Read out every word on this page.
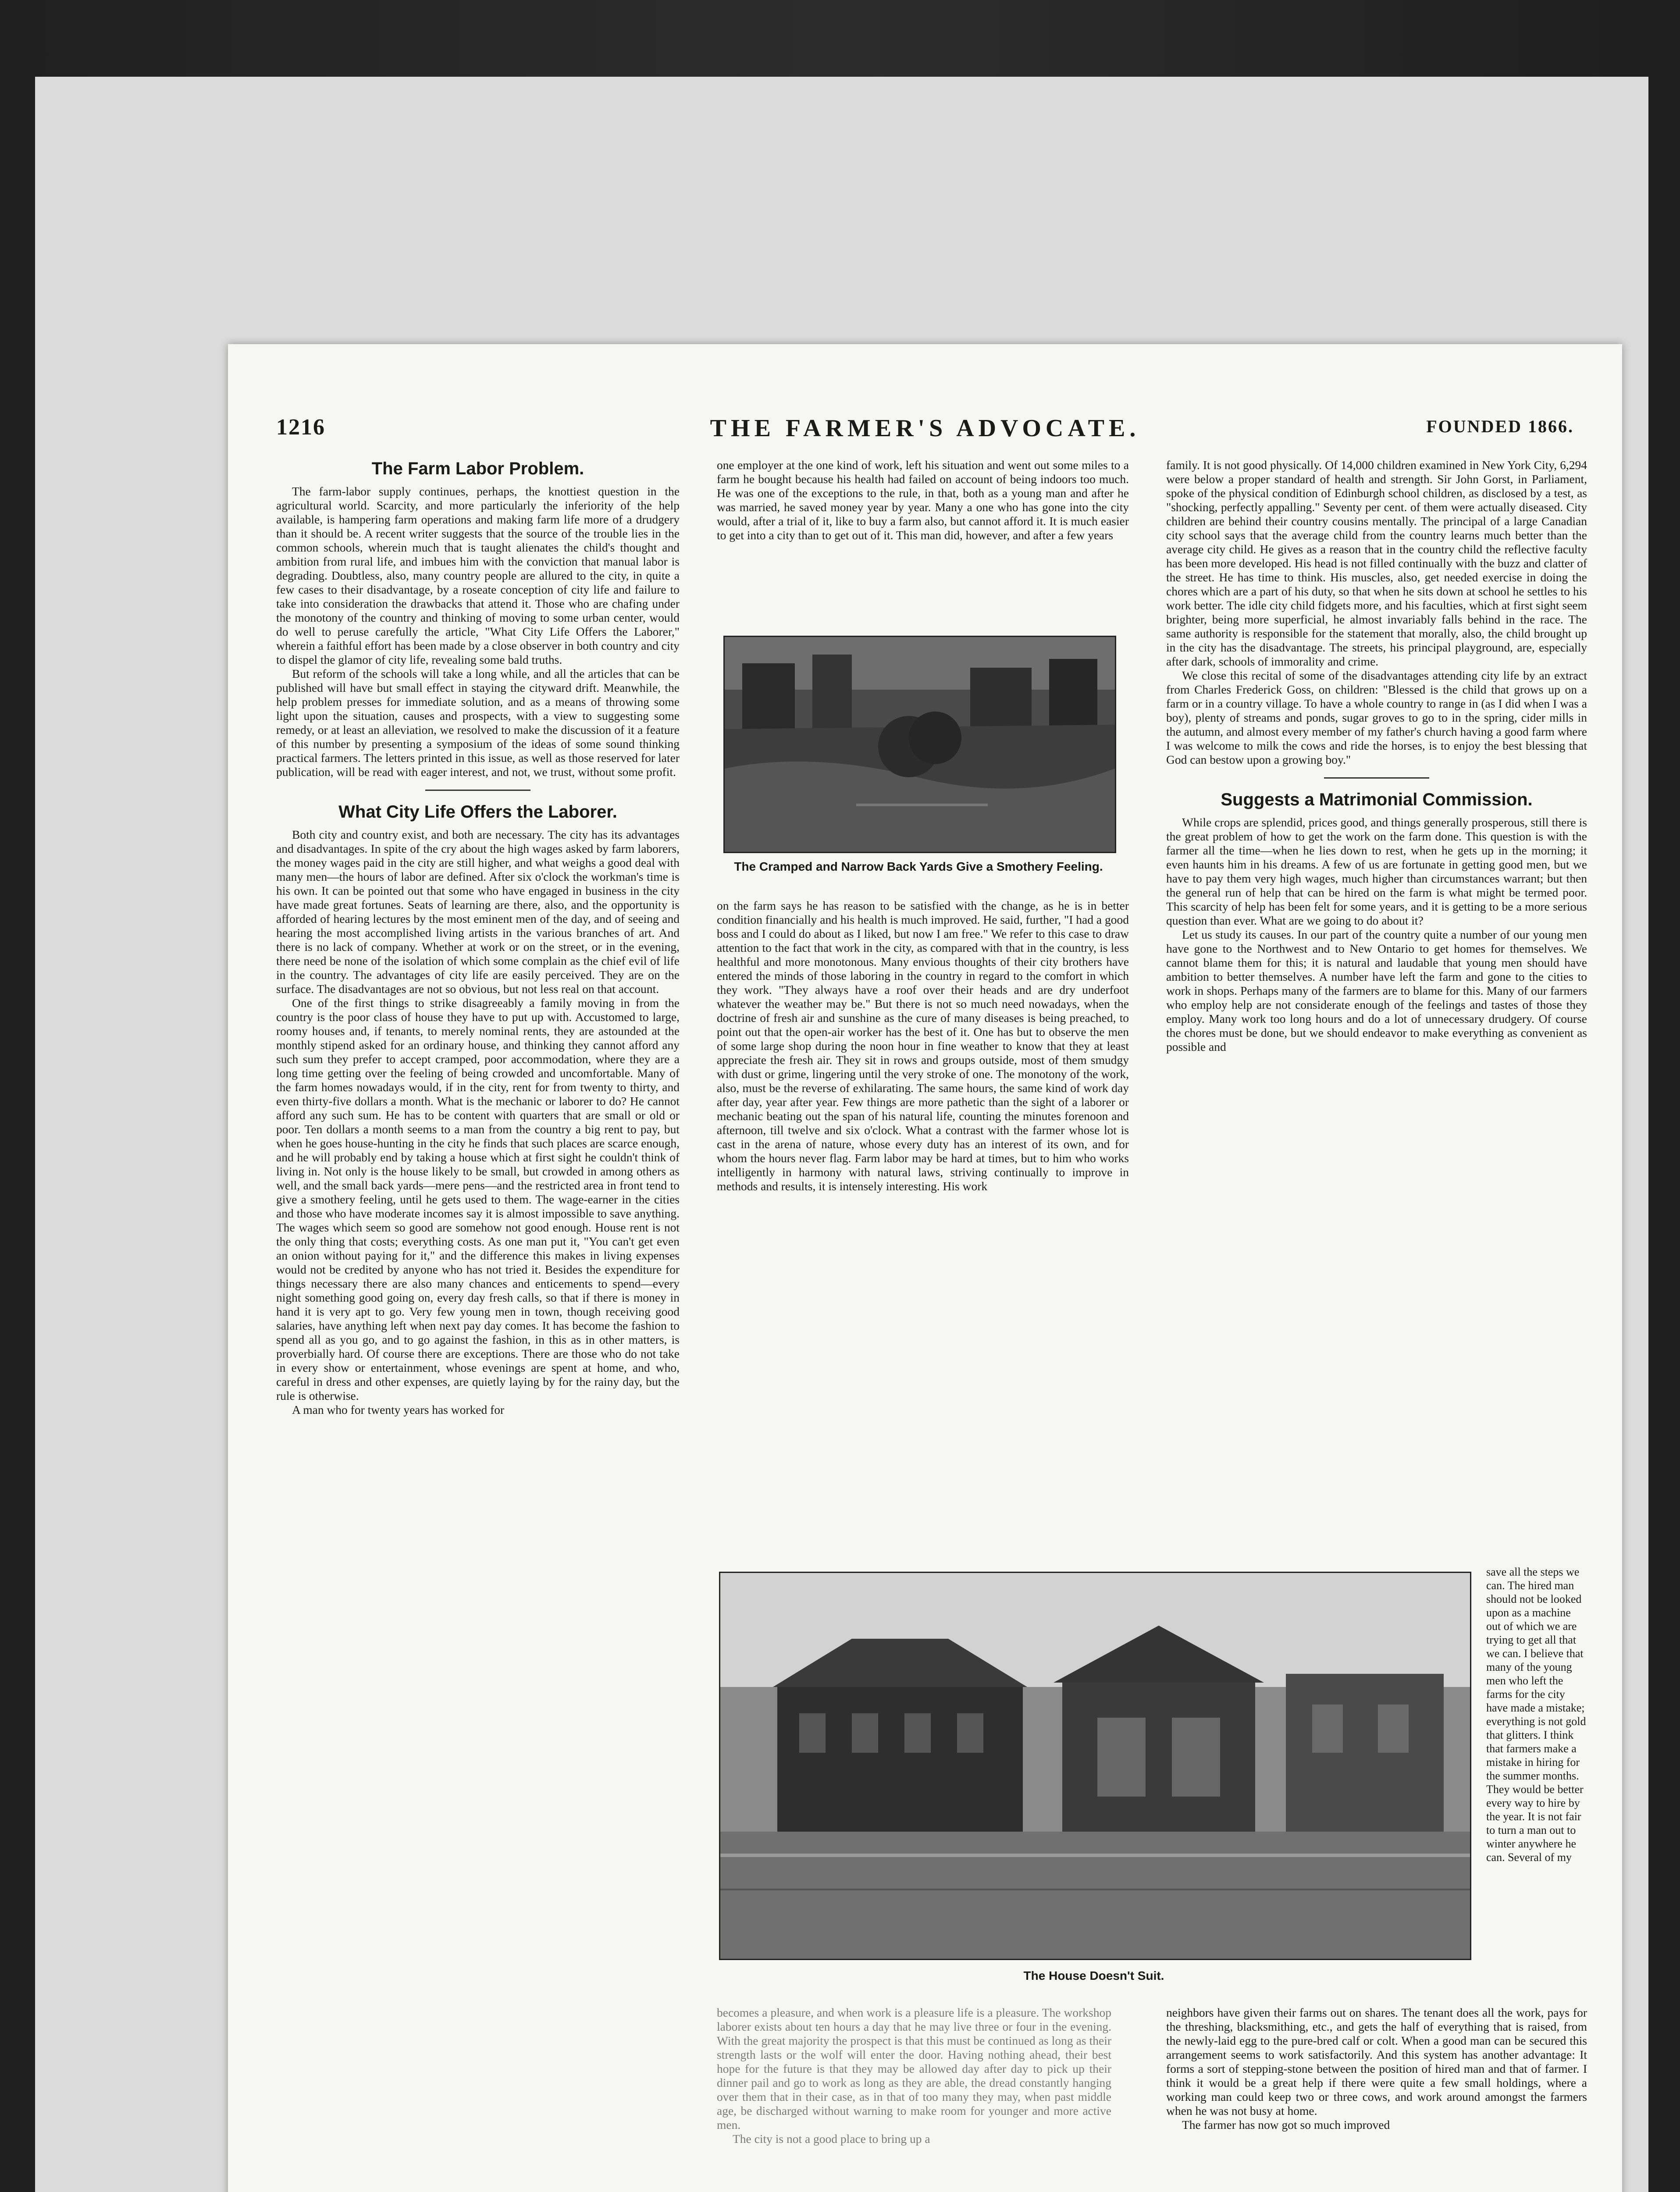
1216	THE FARMER'S ADVOCATE.	FOUNDED 1866.
The Farm Labor Problem.

The farm-labor supply continues, perhaps, the knottiest question in the agricultural world. Scarcity, and more particularly the inferiority of the help available, is hampering farm operations and making farm life more of a drudgery than it should be. A recent writer suggests that the source of the trouble lies in the common schools, wherein much that is taught alienates the child's thought and ambition from rural life, and imbues him with the conviction that manual labor is degrading. Doubtless, also, many country people are allured to the city, in quite a few cases to their disadvantage, by a roseate conception of city life and failure to take into consideration the drawbacks that attend it. Those who are chafing under the monotony of the country and thinking of moving to some urban center, would do well to peruse carefully the article, "What City Life Offers the Laborer," wherein a faithful effort has been made by a close observer in both country and city to dispel the glamor of city life, revealing some bald truths.

But reform of the schools will take a long while, and all the articles that can be published will have but small effect in staying the cityward drift. Meanwhile, the help problem presses for immediate solution, and as a means of throwing some light upon the situation, causes and prospects, with a view to suggesting some remedy, or at least an alleviation, we resolved to make the discussion of it a feature of this number by presenting a symposium of the ideas of some sound thinking practical farmers. The letters printed in this issue, as well as those reserved for later publication, will be read with eager interest, and not, we trust, without some profit.

What City Life Offers the Laborer.

Both city and country exist, and both are necessary. The city has its advantages and disadvantages. In spite of the cry about the high wages asked by farm laborers, the money wages paid in the city are still higher, and what weighs a good deal with many men—the hours of labor are defined. After six o'clock the workman's time is his own. It can be pointed out that some who have engaged in business in the city have made great fortunes. Seats of learning are there, also, and the opportunity is afforded of hearing lectures by the most eminent men of the day, and of seeing and hearing the most accomplished living artists in the various branches of art. And there is no lack of company. Whether at work or on the street, or in the evening, there need be none of the isolation of which some complain as the chief evil of life in the country. The advantages of city life are easily perceived. They are on the surface. The disadvantages are not so obvious, but not less real on that account.

One of the first things to strike disagreeably a family moving in from the country is the poor class of house they have to put up with. Accustomed to large, roomy houses and, if tenants, to merely nominal rents, they are astounded at the monthly stipend asked for an ordinary house, and thinking they cannot afford any such sum they prefer to accept cramped, poor accommodation, where they are a long time getting over the feeling of being crowded and uncomfortable. Many of the farm homes nowadays would, if in the city, rent for from twenty to thirty, and even thirty-five dollars a month. What is the mechanic or laborer to do? He cannot afford any such sum. He has to be content with quarters that are small or old or poor. Ten dollars a month seems to a man from the country a big rent to pay, but when he goes house-hunting in the city he finds that such places are scarce enough, and he will probably end by taking a house which at first sight he couldn't think of living in. Not only is the house likely to be small, but crowded in among others as well, and the small back yards—mere pens—and the restricted area in front tend to give a smothery feeling, until he gets used to them. The wage-earner in the cities and those who have moderate incomes say it is almost impossible to save anything. The wages which seem so good are somehow not good enough. House rent is not the only thing that costs; everything costs. As one man put it, "You can't get even an onion without paying for it," and the difference this makes in living expenses would not be credited by anyone who has not tried it. Besides the expenditure for things necessary there are also many chances and enticements to spend—every night something good going on, every day fresh calls, so that if there is money in hand it is very apt to go. Very few young men in town, though receiving good salaries, have anything left when next pay day comes. It has become the fashion to spend all as you go, and to go against the fashion, in this as in other matters, is proverbially hard. Of course there are exceptions. There are those who do not take in every show or entertainment, whose evenings are spent at home, and who, careful in dress and other expenses, are quietly laying by for the rainy day, but the rule is otherwise.

A man who for twenty years has worked for

one employer at the one kind of work, left his situation and went out some miles to a farm he bought because his health had failed on account of being indoors too much. He was one of the exceptions to the rule, in that, both as a young man and after he was married, he saved money year by year. Many a one who has gone into the city would, after a trial of it, like to buy a farm also, but cannot afford it. It is much easier to get into a city than to get out of it. This man did, however, and after a few years

The Cramped and Narrow Back Yards Give a Smothery Feeling.

on the farm says he has reason to be satisfied with the change, as he is in better condition financially and his health is much improved. He said, further, "I had a good boss and I could do about as I liked, but now I am free." We refer to this case to draw attention to the fact that work in the city, as compared with that in the country, is less healthful and more monotonous. Many envious thoughts of their city brothers have entered the minds of those laboring in the country in regard to the comfort in which they work. "They always have a roof over their heads and are dry underfoot whatever the weather may be." But there is not so much need nowadays, when the doctrine of fresh air and sunshine as the cure of many diseases is being preached, to point out that the open-air worker has the best of it. One has but to observe the men of some large shop during the noon hour in fine weather to know that they at least appreciate the fresh air. They sit in rows and groups outside, most of them smudgy with dust or grime, lingering until the very stroke of one. The monotony of the work, also, must be the reverse of exhilarating. The same hours, the same kind of work day after day, year after year. Few things are more pathetic than the sight of a laborer or mechanic beating out the span of his natural life, counting the minutes forenoon and afternoon, till twelve and six o'clock. What a contrast with the farmer whose lot is cast in the arena of nature, whose every duty has an interest of its own, and for whom the hours never flag. Farm labor may be hard at times, but to him who works intelligently in harmony with natural laws, striving continually to improve in methods and results, it is intensely interesting. His work

family. It is not good physically. Of 14,000 children examined in New York City, 6,294 were below a proper standard of health and strength. Sir John Gorst, in Parliament, spoke of the physical condition of Edinburgh school children, as disclosed by a test, as "shocking, perfectly appalling." Seventy per cent. of them were actually diseased. City children are behind their country cousins mentally. The principal of a large Canadian city school says that the average child from the country learns much better than the average city child. He gives as a reason that in the country child the reflective faculty has been more developed. His head is not filled continually with the buzz and clatter of the street. He has time to think. His muscles, also, get needed exercise in doing the chores which are a part of his duty, so that when he sits down at school he settles to his work better. The idle city child fidgets more, and his faculties, which at first sight seem brighter, being more superficial, he almost invariably falls behind in the race. The same authority is responsible for the statement that morally, also, the child brought up in the city has the disadvantage. The streets, his principal playground, are, especially after dark, schools of immorality and crime.

We close this recital of some of the disadvantages attending city life by an extract from Charles Frederick Goss, on children: "Blessed is the child that grows up on a farm or in a country village. To have a whole country to range in (as I did when I was a boy), plenty of streams and ponds, sugar groves to go to in the spring, cider mills in the autumn, and almost every member of my father's church having a good farm where I was welcome to milk the cows and ride the horses, is to enjoy the best blessing that God can bestow upon a growing boy."

Suggests a Matrimonial Commission.

While crops are splendid, prices good, and things generally prosperous, still there is the great problem of how to get the work on the farm done. This question is with the farmer all the time—when he lies down to rest, when he gets up in the morning; it even haunts him in his dreams. A few of us are fortunate in getting good men, but we have to pay them very high wages, much higher than circumstances warrant; but then the general run of help that can be hired on the farm is what might be termed poor. This scarcity of help has been felt for some years, and it is getting to be a more serious question than ever. What are we going to do about it?

Let us study its causes. In our part of the country quite a number of our young men have gone to the Northwest and to New Ontario to get homes for themselves. We cannot blame them for this; it is natural and laudable that young men should have ambition to better themselves. A number have left the farm and gone to the cities to work in shops. Perhaps many of the farmers are to blame for this. Many of our farmers who employ help are not considerate enough of the feelings and tastes of those they employ. Many work too long hours and do a lot of unnecessary drudgery. Of course the chores must be done, but we should endeavor to make everything as convenient as possible and

save all the steps we can. The hired man should not be looked upon as a machine out of which we are trying to get all that we can. I believe that many of the young men who left the farms for the city have made a mistake; everything is not gold that glitters. I think that farmers make a mistake in hiring for the summer months. They would be better every way to hire by the year. It is not fair to turn a man out to winter anywhere he can. Several of my

The House Doesn't Suit.

becomes a pleasure, and when work is a pleasure life is a pleasure. The workshop laborer exists about ten hours a day that he may live three or four in the evening. With the great majority the prospect is that this must be continued as long as their strength lasts or the wolf will enter the door. Having nothing ahead, their best hope for the future is that they may be allowed day after day to pick up their dinner pail and go to work as long as they are able, the dread constantly hanging over them that in their case, as in that of too many they may, when past middle age, be discharged without warning to make room for younger and more active men.

The city is not a good place to bring up a

neighbors have given their farms out on shares. The tenant does all the work, pays for the threshing, blacksmithing, etc., and gets the half of everything that is raised, from the newly-laid egg to the pure-bred calf or colt. When a good man can be secured this arrangement seems to work satisfactorily. And this system has another advantage: It forms a sort of stepping-stone between the position of hired man and that of farmer. I think it would be a great help if there were quite a few small holdings, where a working man could keep two or three cows, and work around amongst the farmers when he was not busy at home.

The farmer has now got so much improved
